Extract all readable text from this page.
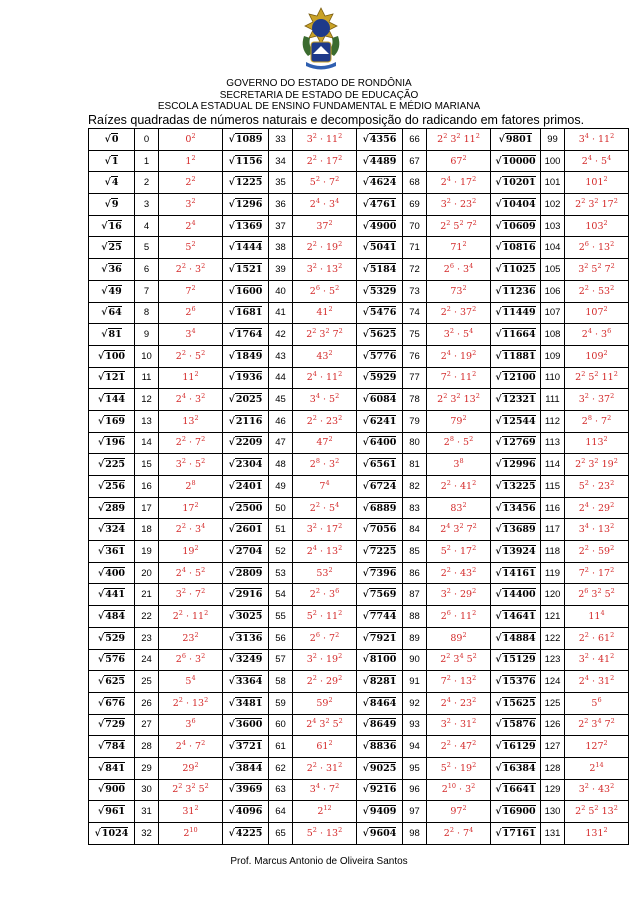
GOVERNO DO ESTADO DE RONDÔNIA
SECRETARIA DE ESTADO DE EDUCAÇÃO
ESCOLA ESTADUAL DE ENSINO FUNDAMENTAL E MÉDIO MARIANA
Raízes quadradas de números naturais e decomposição do radicando em fatores primos.
√0	0	$0^2$	√1089	33	$3^2 \cdot 11^2$	√4356	66	$2^2$ $3^2$ $11^2$	√9801	99	$3^4 \cdot 11^2$
√1	1	$1^2$	√1156	34	$2^2 \cdot 17^2$	√4489	67	$67^2$	√10000	100	$2^4 \cdot 5^4$
√4	2	$2^2$	√1225	35	$5^2 \cdot 7^2$	√4624	68	$2^4 \cdot 17^2$	√10201	101	$101^2$
√9	3	$3^2$	√1296	36	$2^4 \cdot 3^4$	√4761	69	$3^2 \cdot 23^2$	√10404	102	$2^2$ $3^2$ $17^2$
√16	4	$2^4$	√1369	37	$37^2$	√4900	70	$2^2$ $5^2$ $7^2$	√10609	103	$103^2$
√25	5	$5^2$	√1444	38	$2^2 \cdot 19^2$	√5041	71	$71^2$	√10816	104	$2^6 \cdot 13^2$
√36	6	$2^2 \cdot 3^2$	√1521	39	$3^2 \cdot 13^2$	√5184	72	$2^6 \cdot 3^4$	√11025	105	$3^2$ $5^2$ $7^2$
√49	7	$7^2$	√1600	40	$2^6 \cdot 5^2$	√5329	73	$73^2$	√11236	106	$2^2 \cdot 53^2$
√64	8	$2^6$	√1681	41	$41^2$	√5476	74	$2^2 \cdot 37^2$	√11449	107	$107^2$
√81	9	$3^4$	√1764	42	$2^2$ $3^2$ $7^2$	√5625	75	$3^2 \cdot 5^4$	√11664	108	$2^4 \cdot 3^6$
√100	10	$2^2 \cdot 5^2$	√1849	43	$43^2$	√5776	76	$2^4 \cdot 19^2$	√11881	109	$109^2$
√121	11	$11^2$	√1936	44	$2^4 \cdot 11^2$	√5929	77	$7^2 \cdot 11^2$	√12100	110	$2^2$ $5^2$ $11^2$
√144	12	$2^4 \cdot 3^2$	√2025	45	$3^4 \cdot 5^2$	√6084	78	$2^2$ $3^2$ $13^2$	√12321	111	$3^2 \cdot 37^2$
√169	13	$13^2$	√2116	46	$2^2 \cdot 23^2$	√6241	79	$79^2$	√12544	112	$2^8 \cdot 7^2$
√196	14	$2^2 \cdot 7^2$	√2209	47	$47^2$	√6400	80	$2^8 \cdot 5^2$	√12769	113	$113^2$
√225	15	$3^2 \cdot 5^2$	√2304	48	$2^8 \cdot 3^2$	√6561	81	$3^8$	√12996	114	$2^2$ $3^2$ $19^2$
√256	16	$2^8$	√2401	49	$7^4$	√6724	82	$2^2 \cdot 41^2$	√13225	115	$5^2 \cdot 23^2$
√289	17	$17^2$	√2500	50	$2^2 \cdot 5^4$	√6889	83	$83^2$	√13456	116	$2^4 \cdot 29^2$
√324	18	$2^2 \cdot 3^4$	√2601	51	$3^2 \cdot 17^2$	√7056	84	$2^4$ $3^2$ $7^2$	√13689	117	$3^4 \cdot 13^2$
√361	19	$19^2$	√2704	52	$2^4 \cdot 13^2$	√7225	85	$5^2 \cdot 17^2$	√13924	118	$2^2 \cdot 59^2$
√400	20	$2^4 \cdot 5^2$	√2809	53	$53^2$	√7396	86	$2^2 \cdot 43^2$	√14161	119	$7^2 \cdot 17^2$
√441	21	$3^2 \cdot 7^2$	√2916	54	$2^2 \cdot 3^6$	√7569	87	$3^2 \cdot 29^2$	√14400	120	$2^6$ $3^2$ $5^2$
√484	22	$2^2 \cdot 11^2$	√3025	55	$5^2 \cdot 11^2$	√7744	88	$2^6 \cdot 11^2$	√14641	121	$11^4$
√529	23	$23^2$	√3136	56	$2^6 \cdot 7^2$	√7921	89	$89^2$	√14884	122	$2^2 \cdot 61^2$
√576	24	$2^6 \cdot 3^2$	√3249	57	$3^2 \cdot 19^2$	√8100	90	$2^2$ $3^4$ $5^2$	√15129	123	$3^2 \cdot 41^2$
√625	25	$5^4$	√3364	58	$2^2 \cdot 29^2$	√8281	91	$7^2 \cdot 13^2$	√15376	124	$2^4 \cdot 31^2$
√676	26	$2^2 \cdot 13^2$	√3481	59	$59^2$	√8464	92	$2^4 \cdot 23^2$	√15625	125	$5^6$
√729	27	$3^6$	√3600	60	$2^4$ $3^2$ $5^2$	√8649	93	$3^2 \cdot 31^2$	√15876	126	$2^2$ $3^4$ $7^2$
√784	28	$2^4 \cdot 7^2$	√3721	61	$61^2$	√8836	94	$2^2 \cdot 47^2$	√16129	127	$127^2$
√841	29	$29^2$	√3844	62	$2^2 \cdot 31^2$	√9025	95	$5^2 \cdot 19^2$	√16384	128	$2^{14}$
√900	30	$2^2$ $3^2$ $5^2$	√3969	63	$3^4 \cdot 7^2$	√9216	96	$2^{10} \cdot 3^2$	√16641	129	$3^2 \cdot 43^2$
√961	31	$31^2$	√4096	64	$2^{12}$	√9409	97	$97^2$	√16900	130	$2^2$ $5^2$ $13^2$
√1024	32	$2^{10}$	√4225	65	$5^2 \cdot 13^2$	√9604	98	$2^2 \cdot 7^4$	√17161	131	$131^2$
Prof. Marcus Antonio de Oliveira Santos
